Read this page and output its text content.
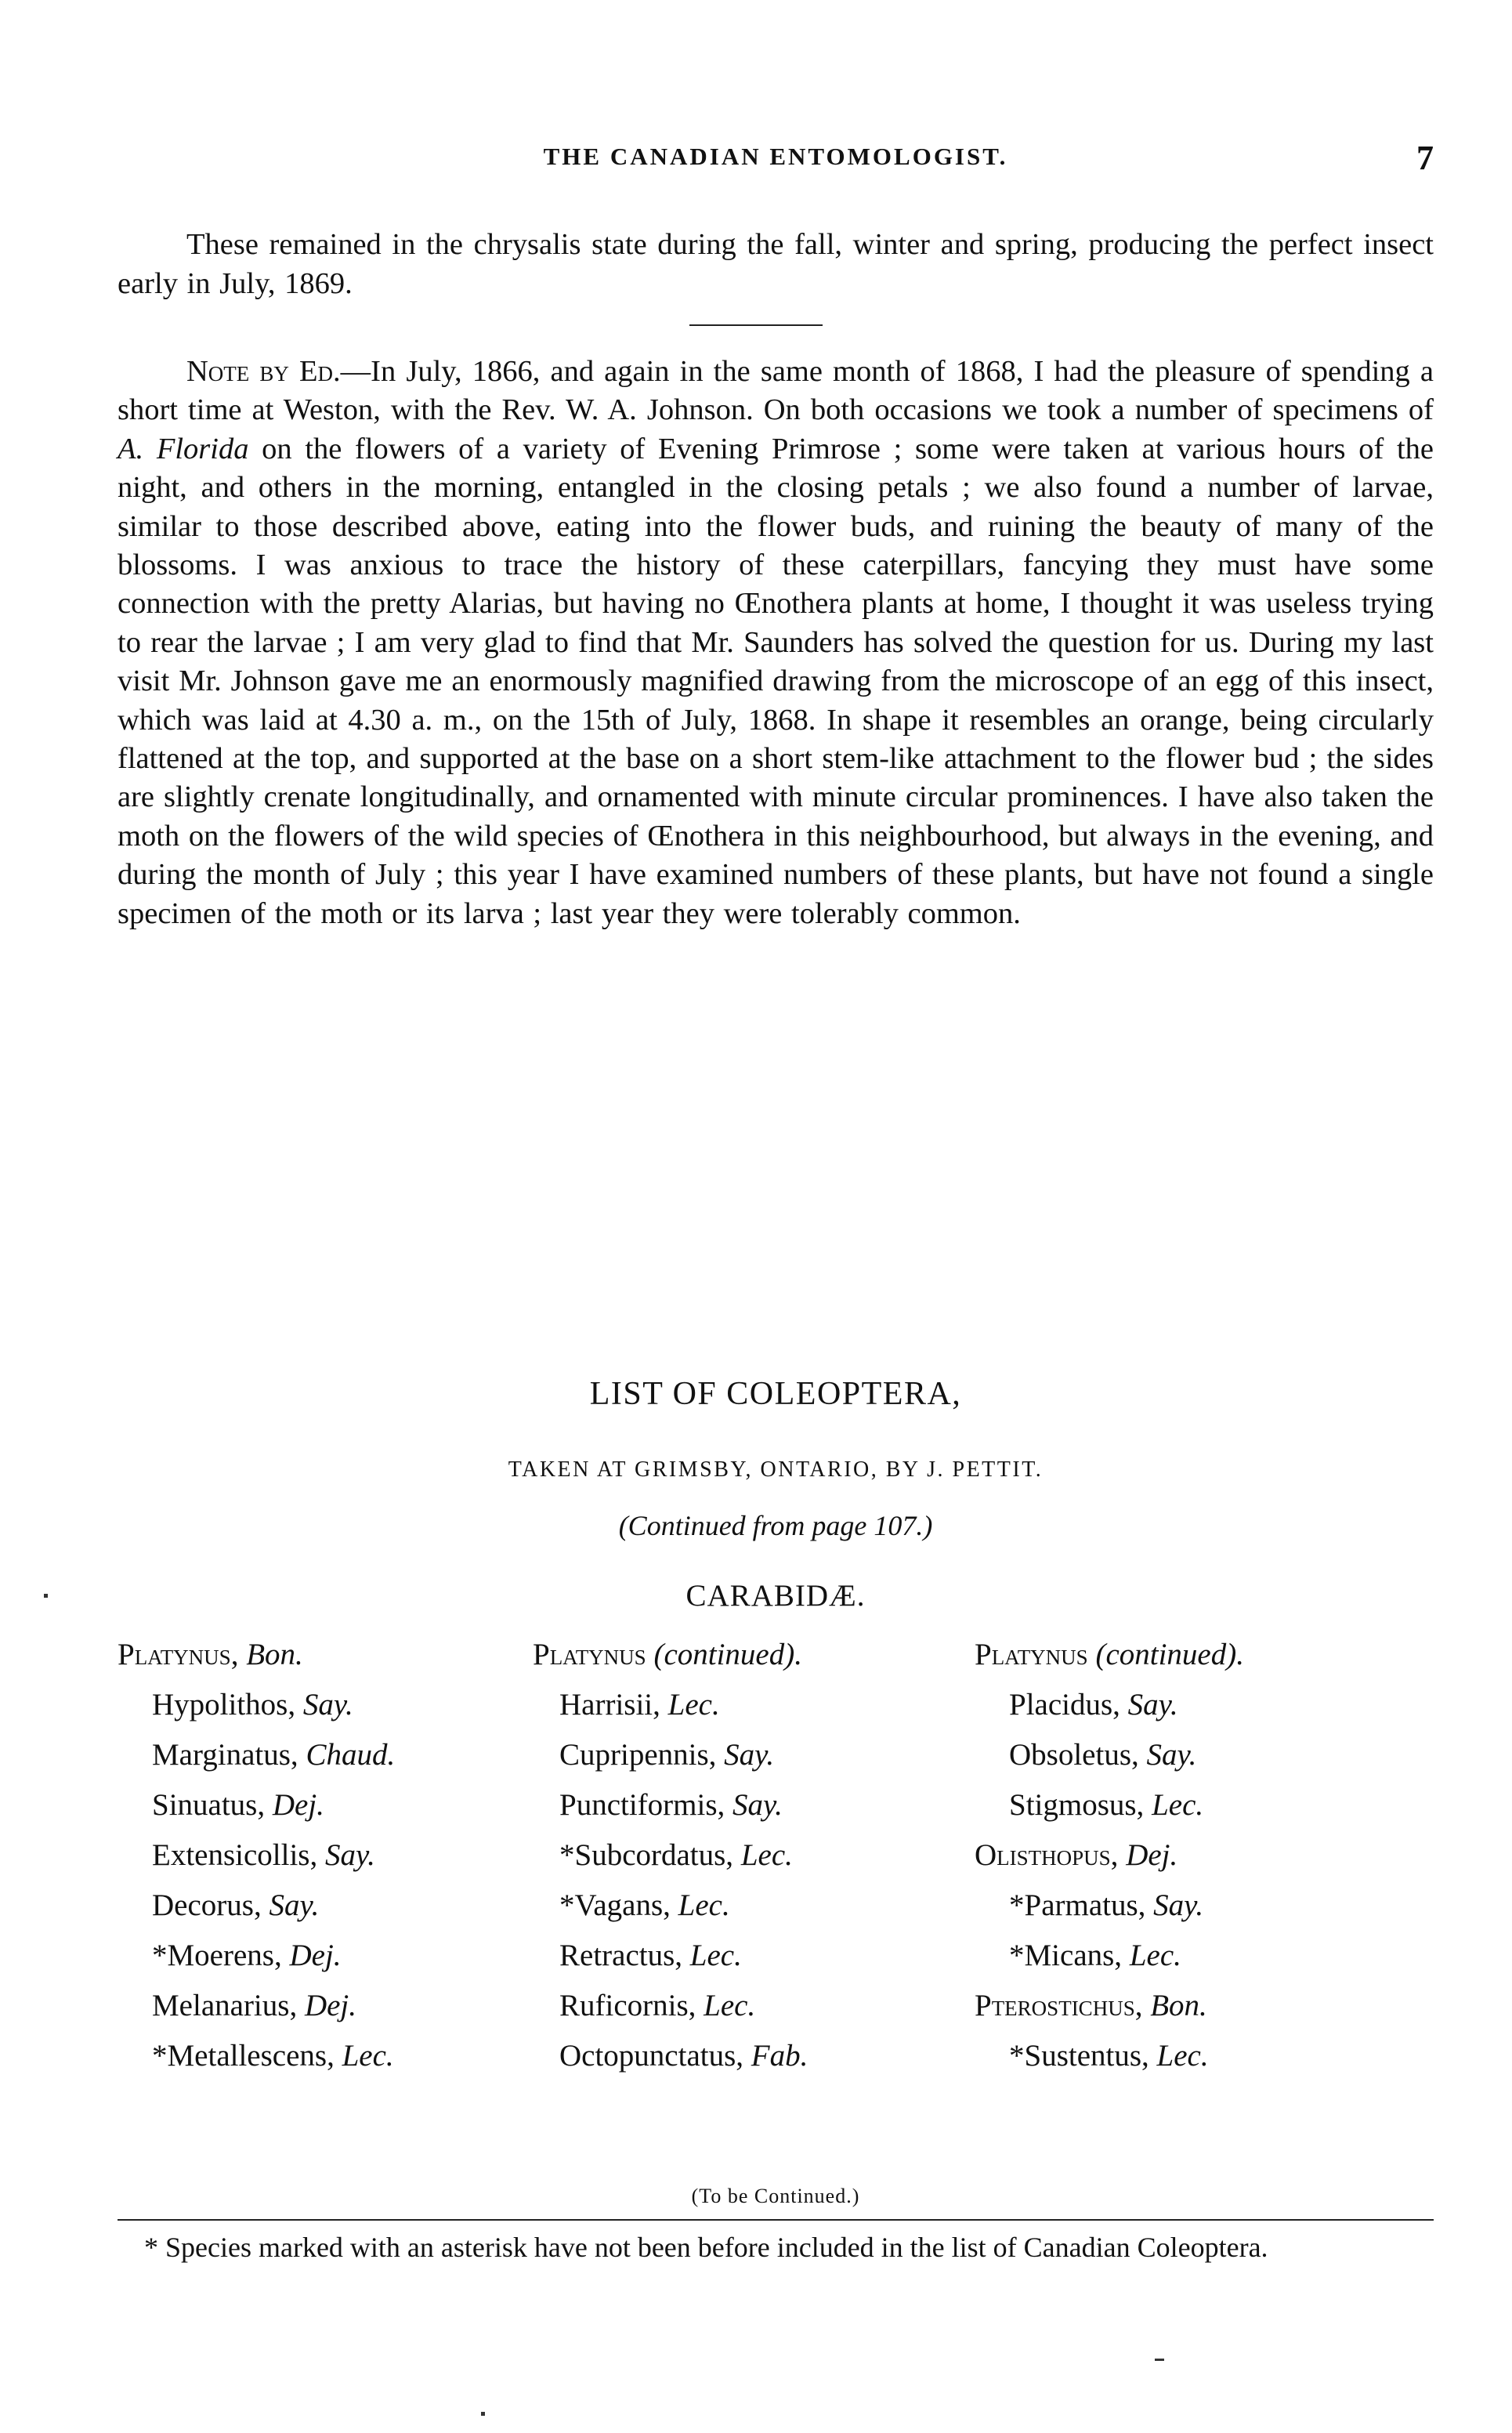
THE CANADIAN ENTOMOLOGIST.	7

These remained in the chrysalis state during the fall, winter and spring, producing the perfect insect early in July, 1869.

Note by Ed.—In July, 1866, and again in the same month of 1868, I had the pleasure of spending a short time at Weston, with the Rev. W. A. Johnson. On both occasions we took a number of specimens of A. Florida on the flowers of a variety of Evening Primrose ; some were taken at various hours of the night, and others in the morning, entangled in the closing petals ; we also found a number of larvae, similar to those described above, eating into the flower buds, and ruining the beauty of many of the blossoms. I was anxious to trace the history of these caterpillars, fancying they must have some connection with the pretty Alarias, but having no Œnothera plants at home, I thought it was useless trying to rear the larvae ; I am very glad to find that Mr. Saunders has solved the question for us. During my last visit Mr. Johnson gave me an enormously magnified drawing from the microscope of an egg of this insect, which was laid at 4.30 a. m., on the 15th of July, 1868. In shape it resembles an orange, being circularly flattened at the top, and supported at the base on a short stem-like attachment to the flower bud ; the sides are slightly crenate longitudinally, and ornamented with minute circular prominences. I have also taken the moth on the flowers of the wild species of Œnothera in this neighbourhood, but always in the evening, and during the month of July ; this year I have examined numbers of these plants, but have not found a single specimen of the moth or its larva ; last year they were tolerably common.

LIST OF COLEOPTERA,
TAKEN AT GRIMSBY, ONTARIO, BY J. PETTIT.
(Continued from page 107.)
CARABIDÆ.
Platynus, Bon.
Hypolithos, Say.
Marginatus, Chaud.
Sinuatus, Dej.
Extensicollis, Say.
Decorus, Say.
*Moerens, Dej.
Melanarius, Dej.
*Metallescens, Lec.
Platynus (continued).
Harrisii, Lec.
Cupripennis, Say.
Punctiformis, Say.
*Subcordatus, Lec.
*Vagans, Lec.
Retractus, Lec.
Ruficornis, Lec.
Octopunctatus, Fab.
Platynus (continued).
Placidus, Say.
Obsoletus, Say.
Stigmosus, Lec.
Olisthopus, Dej.
*Parmatus, Say.
*Micans, Lec.
Pterostichus, Bon.
*Sustentus, Lec.
(To be Continued.)

* Species marked with an asterisk have not been before included in the list of Canadian Coleoptera.
